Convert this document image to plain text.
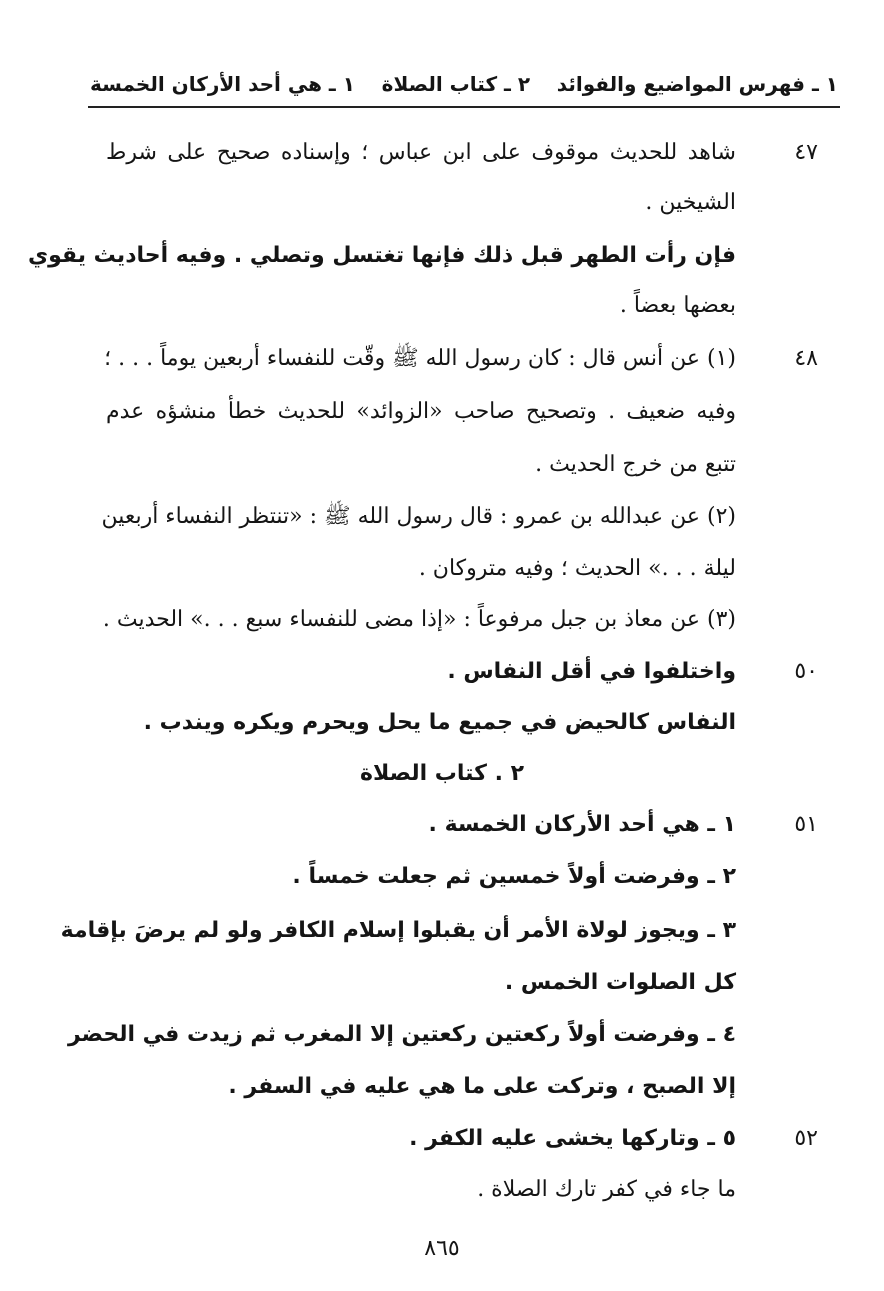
١ ـ فهرس المواضيع والفوائد
٢ ـ كتاب الصلاة
١ ـ هي أحد الأركان الخمسة
٤٧
شاهد للحديث موقوف على ابن عباس ؛ وإسناده صحيح على شرط
الشيخين .
فإن رأت الطهر قبل ذلك فإنها تغتسل وتصلي . وفيه أحاديث يقوي
بعضها بعضاً .
٤٨
(١) عن أنس قال : كان رسول الله ﷺ وقّت للنفساء أربعين يوماً . . . ؛
وفيه ضعيف . وتصحيح صاحب «الزوائد» للحديث خطأ منشؤه عدم
تتبع من خرج الحديث .
(٢) عن عبدالله بن عمرو : قال رسول الله ﷺ : «تنتظر النفساء أربعين
ليلة . . .» الحديث ؛ وفيه متروكان .
(٣) عن معاذ بن جبل مرفوعاً : «إذا مضى للنفساء سبع . . .» الحديث .
٥٠
واختلفوا في أقل النفاس .
النفاس كالحيض في جميع ما يحل ويحرم ويكره ويندب .
٢ . كتاب الصلاة
٥١
١ ـ هي أحد الأركان الخمسة .
٢ ـ وفرضت أولاً خمسين ثم جعلت خمساً .
٣ ـ ويجوز لولاة الأمر أن يقبلوا إسلام الكافر ولو لم يرضَ بإقامة
كل الصلوات الخمس .
٤ ـ وفرضت أولاً ركعتين ركعتين إلا المغرب ثم زيدت في الحضر
إلا الصبح ، وتركت على ما هي عليه في السفر .
٥٢
٥ ـ وتاركها يخشى عليه الكفر .
ما جاء في كفر تارك الصلاة .
٨٦٥
